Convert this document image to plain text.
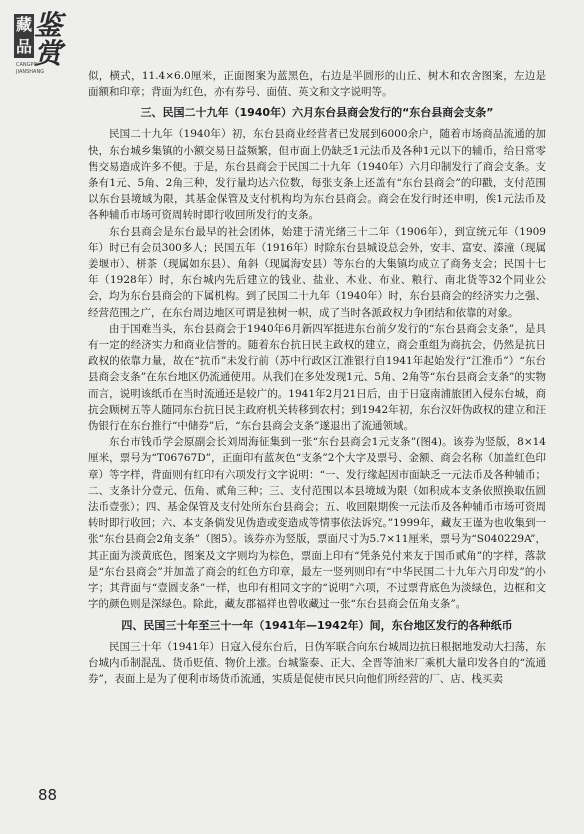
藏
品
鉴赏
CANGPIN
JIANSHANG	似，横式，11.4×6.0厘米，正面图案为蓝黑色，右边是半圆形的山丘、树木和农舍图案，左边是面额和印章；背面为红色，亦有券号、面值、英文和文字说明等。

三、民国二十九年（1940年）六月东台县商会发行的“东台县商会支条”

民国二十九年（1940年）初，东台县商业经营者已发展到6000余户，随着市场商品流通的加快，东台城乡集镇的小额交易日益频繁，但市面上仍缺乏1元法币及各种1元以下的辅币，给日常零售交易造成许多不便。于是，东台县商会于民国二十九年（1940年）六月印制发行了商会支条。支条有1元、5角、2角三种，发行量均达六位数，每张支条上还盖有“东台县商会”的印戳，支付范围以东台县境域为限，其基金保管及支付机构均为东台县商会。商会在发行时还申明，俟1元法币及各种辅币市场可资周转时即行收回所发行的支条。

东台县商会是东台最早的社会团体，始建于清光绪三十二年（1906年），到宣统元年（1909年）时已有会员300多人；民国五年（1916年）时除东台县城设总会外，安丰、富安、溱潼（现属姜堰市）、栟茶（现属如东县）、角斜（现属海安县）等东台的大集镇均成立了商务支会；民国十七年（1928年）时，东台城内先后建立的钱业、盐业、木业、布业、粮行、南北货等32个同业公会，均为东台县商会的下属机构。到了民国二十九年（1940年）时，东台县商会的经济实力之强、经营范围之广，在东台周边地区可谓是独树一帜，成了当时各派政权力争团结和依靠的对象。

由于国难当头，东台县商会于1940年6月新四军挺进东台前夕发行的“东台县商会支条”，是具有一定的经济实力和商业信誉的。随着东台抗日民主政权的建立，商会重组为商抗会，仍然是抗日政权的依靠力量，故在“抗币”未发行前（苏中行政区江淮银行自1941年起始发行“江淮币”）“东台县商会支条”在东台地区仍流通使用。从我们在多处发现1元、5角、2角等“东台县商会支条”的实物而言，说明该纸币在当时流通还是较广的。1941年2月21日后，由于日寇南浦旅团入侵东台城，商抗会顾树五等人随同东台抗日民主政府机关转移到农村；到1942年初，东台汉奸伪政权的建立和汪伪银行在东台推行“中储券”后，“东台县商会支条”遂退出了流通领域。

东台市钱币学会原副会长刘周海征集到一张“东台县商会1元支条”(图4)。该券为竖版，8×14厘米，票号为“T06767D”，正面印有蓝灰色“支条”2个大字及票号、金额、商会名称（加盖红色印章）等字样，背面则有红印有六项发行文字说明：“一、发行缘起因市面缺乏一元法币及各种辅币；二、支条计分壹元、伍角、贰角三种；三、支付范围以本县境域为限（如积成本支条依照换取伍圆法币壹张）；四、基金保管及支付处所东台县商会；五、收回限期俟一元法币及各种辅币市场可资周转时即行收回；六、本支条倘发见伪造或变造成等情事依法诉究。”1999年，藏友王谨为也收集到一张“东台县商会2角支条”（图5）。该券亦为竖版，票面尺寸为5.7×11厘米，票号为“S040229A”，其正面为淡黄底色，图案及文字则均为棕色，票面上印有“凭条兑付来友于国币贰角”的字样，落款是“东台县商会”并加盖了商会的红色方印章，最左一竖列则印有“中华民国二十九年六月印发”的小字；其背面与“壹圆支条”一样，也印有相同文字的“说明”六项，不过票背底色为淡绿色，边框和文字的颜色则是深绿色。除此，藏友郡福祥也曾收藏过一张“东台县商会伍角支条”。

四、民国三十年至三十一年（1941年—1942年）间，东台地区发行的各种纸币

民国三十年（1941年）日寇入侵东台后，日伪军联合向东台城周边抗日根据地发动大扫荡，东台城内币制混乱、货币贬值、物价上涨。台城鉴泰、正大、全晋等油米厂乘机大量印发各自的“流通券”，表面上是为了便利市场货币流通，实质是促使市民只向他们所经营的厂、店、栈买卖

88
